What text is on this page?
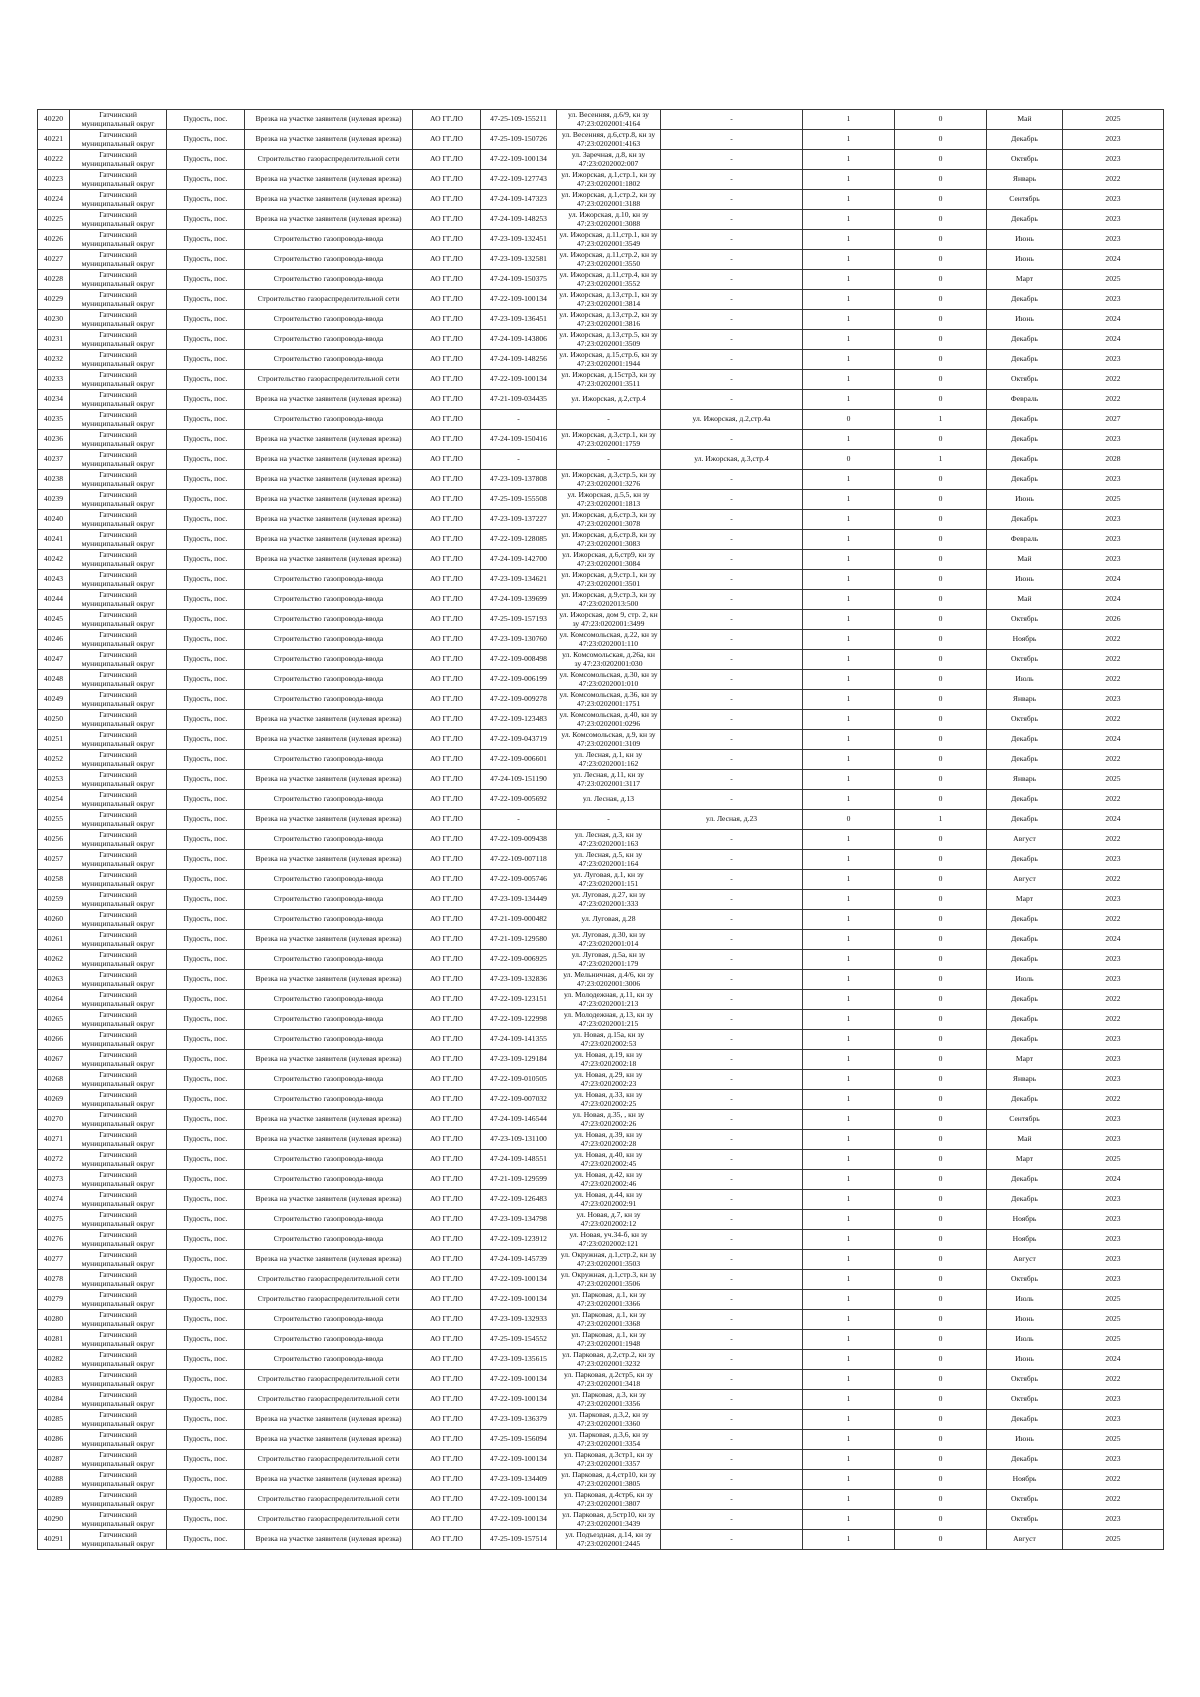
40220	Гатчинский муниципальный округ	Пудость, пос.	Врезка на участке заявителя (нулевая врезка)	АО ГГ.ЛО	47-25-109-155211	ул. Весенняя, д.6/9, кн зу 47:23:0202001:4164	-	1	0	Май	2025
40221	Гатчинский муниципальный округ	Пудость, пос.	Врезка на участке заявителя (нулевая врезка)	АО ГГ.ЛО	47-25-109-150726	ул. Весенняя, д.6,стр.8, кн зу 47:23:0202001:4163	-	1	0	Декабрь	2023
40222	Гатчинский муниципальный округ	Пудость, пос.	Строительство газораспределительной сети	АО ГГ.ЛО	47-22-109-100134	ул. Заречная, д.8, кн зу 47:23:0202002:007	-	1	0	Октябрь	2023
40223	Гатчинский муниципальный округ	Пудость, пос.	Врезка на участке заявителя (нулевая врезка)	АО ГГ.ЛО	47-22-109-127743	ул. Ижорская, д.1,стр.1, кн зу 47:23:0202001:1802	-	1	0	Январь	2022
40224	Гатчинский муниципальный округ	Пудость, пос.	Врезка на участке заявителя (нулевая врезка)	АО ГГ.ЛО	47-24-109-147323	ул. Ижорская, д.1,стр.2, кн зу 47:23:0202001:3188	-	1	0	Сентябрь	2023
40225	Гатчинский муниципальный округ	Пудость, пос.	Врезка на участке заявителя (нулевая врезка)	АО ГГ.ЛО	47-24-109-148253	ул. Ижорская, д.10, кн зу 47:23:0202001:3088	-	1	0	Декабрь	2023
40226	Гатчинский муниципальный округ	Пудость, пос.	Строительство газопровода-ввода	АО ГГ.ЛО	47-23-109-132451	ул. Ижорская, д.11,стр.1, кн зу 47:23:0202001:3549	-	1	0	Июнь	2023
40227	Гатчинский муниципальный округ	Пудость, пос.	Строительство газопровода-ввода	АО ГГ.ЛО	47-23-109-132581	ул. Ижорская, д.11,стр.2, кн зу 47:23:0202001:3550	-	1	0	Июнь	2024
40228	Гатчинский муниципальный округ	Пудость, пос.	Строительство газопровода-ввода	АО ГГ.ЛО	47-24-109-150375	ул. Ижорская, д.11,стр.4, кн зу 47:23:0202001:3552	-	1	0	Март	2025
40229	Гатчинский муниципальный округ	Пудость, пос.	Строительство газораспределительной сети	АО ГГ.ЛО	47-22-109-100134	ул. Ижорская, д.13,стр.1, кн зу 47:23:0202001:3814	-	1	0	Декабрь	2023
40230	Гатчинский муниципальный округ	Пудость, пос.	Строительство газопровода-ввода	АО ГГ.ЛО	47-23-109-136451	ул. Ижорская, д.13,стр.2, кн зу 47:23:0202001:3816	-	1	0	Июнь	2024
40231	Гатчинский муниципальный округ	Пудость, пос.	Строительство газопровода-ввода	АО ГГ.ЛО	47-24-109-143806	ул. Ижорская, д.13,стр.5, кн зу 47:23:0202001:3509	-	1	0	Декабрь	2024
40232	Гатчинский муниципальный округ	Пудость, пос.	Строительство газопровода-ввода	АО ГГ.ЛО	47-24-109-148256	ул. Ижорская, д.15,стр.6, кн зу 47:23:0202001:1944	-	1	0	Декабрь	2023
40233	Гатчинский муниципальный округ	Пудость, пос.	Строительство газораспределительной сети	АО ГГ.ЛО	47-22-109-100134	ул. Ижорская, д.15стр3, кн зу 47:23:0202001:3511	-	1	0	Октябрь	2022
40234	Гатчинский муниципальный округ	Пудость, пос.	Врезка на участке заявителя (нулевая врезка)	АО ГГ.ЛО	47-21-109-034435	ул. Ижорская, д.2,стр.4	-	1	0	Февраль	2022
40235	Гатчинский муниципальный округ	Пудость, пос.	Строительство газопровода-ввода	АО ГГ.ЛО	-	-	ул. Ижорская, д.2,стр.4а	0	1	Декабрь	2027
40236	Гатчинский муниципальный округ	Пудость, пос.	Врезка на участке заявителя (нулевая врезка)	АО ГГ.ЛО	47-24-109-150416	ул. Ижорская, д.3,стр.1, кн зу 47:23:0202001:1759	-	1	0	Декабрь	2023
40237	Гатчинский муниципальный округ	Пудость, пос.	Врезка на участке заявителя (нулевая врезка)	АО ГГ.ЛО	-	-	ул. Ижорская, д.3,стр.4	0	1	Декабрь	2028
40238	Гатчинский муниципальный округ	Пудость, пос.	Врезка на участке заявителя (нулевая врезка)	АО ГГ.ЛО	47-23-109-137808	ул. Ижорская, д.3,стр.5, кн зу 47:23:0202001:3276	-	1	0	Декабрь	2023
40239	Гатчинский муниципальный округ	Пудость, пос.	Врезка на участке заявителя (нулевая врезка)	АО ГГ.ЛО	47-25-109-155508	ул. Ижорская, д.5,5, кн зу 47:23:0202001:1813	-	1	0	Июнь	2025
40240	Гатчинский муниципальный округ	Пудость, пос.	Врезка на участке заявителя (нулевая врезка)	АО ГГ.ЛО	47-23-109-137227	ул. Ижорская, д.6,стр.3, кн зу 47:23:0202001:3078	-	1	0	Декабрь	2023
40241	Гатчинский муниципальный округ	Пудость, пос.	Врезка на участке заявителя (нулевая врезка)	АО ГГ.ЛО	47-22-109-128085	ул. Ижорская, д.6,стр.8, кн зу 47:23:0202001:3083	-	1	0	Февраль	2023
40242	Гатчинский муниципальный округ	Пудость, пос.	Врезка на участке заявителя (нулевая врезка)	АО ГГ.ЛО	47-24-109-142700	ул. Ижорская, д.6,стр9, кн зу 47:23:0202001:3084	-	1	0	Май	2023
40243	Гатчинский муниципальный округ	Пудость, пос.	Строительство газопровода-ввода	АО ГГ.ЛО	47-23-109-134621	ул. Ижорская, д.9,стр.1, кн зу 47:23:0202001:3501	-	1	0	Июнь	2024
40244	Гатчинский муниципальный округ	Пудость, пос.	Строительство газопровода-ввода	АО ГГ.ЛО	47-24-109-139699	ул. Ижорская, д.9,стр.3, кн зу 47:23:0202013:500	-	1	0	Май	2024
40245	Гатчинский муниципальный округ	Пудость, пос.	Строительство газопровода-ввода	АО ГГ.ЛО	47-25-109-157193	ул. Ижорская, дом 9, стр. 2, кн зу 47:23:0202001:3499	-	1	0	Октябрь	2026
40246	Гатчинский муниципальный округ	Пудость, пос.	Строительство газопровода-ввода	АО ГГ.ЛО	47-23-109-130760	ул. Комсомольская, д.22, кн зу 47:23:0202001:110	-	1	0	Ноябрь	2022
40247	Гатчинский муниципальный округ	Пудость, пос.	Строительство газопровода-ввода	АО ГГ.ЛО	47-22-109-008498	ул. Комсомольская, д.26а, кн зу 47:23:0202001:030	-	1	0	Октябрь	2022
40248	Гатчинский муниципальный округ	Пудость, пос.	Строительство газопровода-ввода	АО ГГ.ЛО	47-22-109-006199	ул. Комсомольская, д.30, кн зу 47:23:0202001:010	-	1	0	Июль	2022
40249	Гатчинский муниципальный округ	Пудость, пос.	Строительство газопровода-ввода	АО ГГ.ЛО	47-22-109-009278	ул. Комсомольская, д.36, кн зу 47:23:0202001:1751	-	1	0	Январь	2023
40250	Гатчинский муниципальный округ	Пудость, пос.	Врезка на участке заявителя (нулевая врезка)	АО ГГ.ЛО	47-22-109-123483	ул. Комсомольская, д.40, кн зу 47:23:0202001:0296	-	1	0	Октябрь	2022
40251	Гатчинский муниципальный округ	Пудость, пос.	Врезка на участке заявителя (нулевая врезка)	АО ГГ.ЛО	47-22-109-043719	ул. Комсомольская, д.9, кн зу 47:23:0202001:3109	-	1	0	Декабрь	2024
40252	Гатчинский муниципальный округ	Пудость, пос.	Строительство газопровода-ввода	АО ГГ.ЛО	47-22-109-006601	ул. Лесная, д.1, кн зу 47:23:0202001:162	-	1	0	Декабрь	2022
40253	Гатчинский муниципальный округ	Пудость, пос.	Врезка на участке заявителя (нулевая врезка)	АО ГГ.ЛО	47-24-109-151190	ул. Лесная, д.11, кн зу 47:23:0202001:3117	-	1	0	Январь	2025
40254	Гатчинский муниципальный округ	Пудость, пос.	Строительство газопровода-ввода	АО ГГ.ЛО	47-22-109-005692	ул. Лесная, д.13	-	1	0	Декабрь	2022
40255	Гатчинский муниципальный округ	Пудость, пос.	Врезка на участке заявителя (нулевая врезка)	АО ГГ.ЛО	-	-	ул. Лесная, д.23	0	1	Декабрь	2024
40256	Гатчинский муниципальный округ	Пудость, пос.	Строительство газопровода-ввода	АО ГГ.ЛО	47-22-109-009438	ул. Лесная, д.3, кн зу 47:23:0202001:163	-	1	0	Август	2022
40257	Гатчинский муниципальный округ	Пудость, пос.	Врезка на участке заявителя (нулевая врезка)	АО ГГ.ЛО	47-22-109-007118	ул. Лесная, д.5, кн зу 47:23:0202001:164	-	1	0	Декабрь	2023
40258	Гатчинский муниципальный округ	Пудость, пос.	Строительство газопровода-ввода	АО ГГ.ЛО	47-22-109-005746	ул. Луговая, д.1, кн зу 47:23:0202001:151	-	1	0	Август	2022
40259	Гатчинский муниципальный округ	Пудость, пос.	Строительство газопровода-ввода	АО ГГ.ЛО	47-23-109-134449	ул. Луговая, д.27, кн зу 47:23:0202001:333	-	1	0	Март	2023
40260	Гатчинский муниципальный округ	Пудость, пос.	Строительство газопровода-ввода	АО ГГ.ЛО	47-21-109-000482	ул. Луговая, д.28	-	1	0	Декабрь	2022
40261	Гатчинский муниципальный округ	Пудость, пос.	Врезка на участке заявителя (нулевая врезка)	АО ГГ.ЛО	47-21-109-129580	ул. Луговая, д.30, кн зу 47:23:0202001:014	-	1	0	Декабрь	2024
40262	Гатчинский муниципальный округ	Пудость, пос.	Строительство газопровода-ввода	АО ГГ.ЛО	47-22-109-006925	ул. Луговая, д.5а, кн зу 47:23:0202001:179	-	1	0	Декабрь	2023
40263	Гатчинский муниципальный округ	Пудость, пос.	Врезка на участке заявителя (нулевая врезка)	АО ГГ.ЛО	47-23-109-132836	ул. Мельничная, д.4/6, кн зу 47:23:0202001:3006	-	1	0	Июль	2023
40264	Гатчинский муниципальный округ	Пудость, пос.	Строительство газопровода-ввода	АО ГГ.ЛО	47-22-109-123151	ул. Молодежная, д.11, кн зу 47:23:0202001:213	-	1	0	Декабрь	2022
40265	Гатчинский муниципальный округ	Пудость, пос.	Строительство газопровода-ввода	АО ГГ.ЛО	47-22-109-122998	ул. Молодежная, д.13, кн зу 47:23:0202001:215	-	1	0	Декабрь	2022
40266	Гатчинский муниципальный округ	Пудость, пос.	Строительство газопровода-ввода	АО ГГ.ЛО	47-24-109-141355	ул. Новая, д.15а, кн зу 47:23:0202002:53	-	1	0	Декабрь	2023
40267	Гатчинский муниципальный округ	Пудость, пос.	Врезка на участке заявителя (нулевая врезка)	АО ГГ.ЛО	47-23-109-129184	ул. Новая, д.19, кн зу 47:23:0202002:18	-	1	0	Март	2023
40268	Гатчинский муниципальный округ	Пудость, пос.	Строительство газопровода-ввода	АО ГГ.ЛО	47-22-109-010505	ул. Новая, д.29, кн зу 47:23:0202002:23	-	1	0	Январь	2023
40269	Гатчинский муниципальный округ	Пудость, пос.	Строительство газопровода-ввода	АО ГГ.ЛО	47-22-109-007032	ул. Новая, д.33, кн зу 47:23:0202002:25	-	1	0	Декабрь	2022
40270	Гатчинский муниципальный округ	Пудость, пос.	Врезка на участке заявителя (нулевая врезка)	АО ГГ.ЛО	47-24-109-146544	ул. Новая, д.35, , кн зу 47:23:0202002:26	-	1	0	Сентябрь	2023
40271	Гатчинский муниципальный округ	Пудость, пос.	Врезка на участке заявителя (нулевая врезка)	АО ГГ.ЛО	47-23-109-131100	ул. Новая, д.39, кн зу 47:23:0202002:28	-	1	0	Май	2023
40272	Гатчинский муниципальный округ	Пудость, пос.	Строительство газопровода-ввода	АО ГГ.ЛО	47-24-109-148551	ул. Новая, д.40, кн зу 47:23:0202002:45	-	1	0	Март	2025
40273	Гатчинский муниципальный округ	Пудость, пос.	Строительство газопровода-ввода	АО ГГ.ЛО	47-21-109-129599	ул. Новая, д.42, кн зу 47:23:0202002:46	-	1	0	Декабрь	2024
40274	Гатчинский муниципальный округ	Пудость, пос.	Врезка на участке заявителя (нулевая врезка)	АО ГГ.ЛО	47-22-109-126483	ул. Новая, д.44, кн зу 47:23:0202002:91	-	1	0	Декабрь	2023
40275	Гатчинский муниципальный округ	Пудость, пос.	Строительство газопровода-ввода	АО ГГ.ЛО	47-23-109-134798	ул. Новая, д.7, кн зу 47:23:0202002:12	-	1	0	Ноябрь	2023
40276	Гатчинский муниципальный округ	Пудость, пос.	Строительство газопровода-ввода	АО ГГ.ЛО	47-22-109-123912	ул. Новая, уч.34-б, кн зу 47:23:0202002:121	-	1	0	Ноябрь	2023
40277	Гатчинский муниципальный округ	Пудость, пос.	Врезка на участке заявителя (нулевая врезка)	АО ГГ.ЛО	47-24-109-145739	ул. Окружная, д.1,стр.2, кн зу 47:23:0202001:3503	-	1	0	Август	2023
40278	Гатчинский муниципальный округ	Пудость, пос.	Строительство газораспределительной сети	АО ГГ.ЛО	47-22-109-100134	ул. Окружная, д.1,стр.3, кн зу 47:23:0202001:3506	-	1	0	Октябрь	2023
40279	Гатчинский муниципальный округ	Пудость, пос.	Строительство газораспределительной сети	АО ГГ.ЛО	47-22-109-100134	ул. Парковая, д.1, кн зу 47:23:0202001:3366	-	1	0	Июль	2025
40280	Гатчинский муниципальный округ	Пудость, пос.	Строительство газопровода-ввода	АО ГГ.ЛО	47-23-109-132933	ул. Парковая, д.1, кн зу 47:23:0202001:3368	-	1	0	Июнь	2025
40281	Гатчинский муниципальный округ	Пудость, пос.	Строительство газопровода-ввода	АО ГГ.ЛО	47-25-109-154552	ул. Парковая, д.1, кн зу 47:23:0202001:1948	-	1	0	Июль	2025
40282	Гатчинский муниципальный округ	Пудость, пос.	Строительство газопровода-ввода	АО ГГ.ЛО	47-23-109-135615	ул. Парковая, д.2,стр.2, кн зу 47:23:0202001:3232	-	1	0	Июнь	2024
40283	Гатчинский муниципальный округ	Пудость, пос.	Строительство газораспределительной сети	АО ГГ.ЛО	47-22-109-100134	ул. Парковая, д.2стр5, кн зу 47:23:0202001:3418	-	1	0	Октябрь	2022
40284	Гатчинский муниципальный округ	Пудость, пос.	Строительство газораспределительной сети	АО ГГ.ЛО	47-22-109-100134	ул. Парковая, д.3, кн зу 47:23:0202001:3356	-	1	0	Октябрь	2023
40285	Гатчинский муниципальный округ	Пудость, пос.	Врезка на участке заявителя (нулевая врезка)	АО ГГ.ЛО	47-23-109-136379	ул. Парковая, д.3,2, кн зу 47:23:0202001:3360	-	1	0	Декабрь	2023
40286	Гатчинский муниципальный округ	Пудость, пос.	Врезка на участке заявителя (нулевая врезка)	АО ГГ.ЛО	47-25-109-156094	ул. Парковая, д.3,6, кн зу 47:23:0202001:3354	-	1	0	Июнь	2025
40287	Гатчинский муниципальный округ	Пудость, пос.	Строительство газораспределительной сети	АО ГГ.ЛО	47-22-109-100134	ул. Парковая, д.3стр1, кн зу 47:23:0202001:3357	-	1	0	Декабрь	2023
40288	Гатчинский муниципальный округ	Пудость, пос.	Врезка на участке заявителя (нулевая врезка)	АО ГГ.ЛО	47-23-109-134409	ул. Парковая, д.4,стр10, кн зу 47:23:0202001:3805	-	1	0	Ноябрь	2022
40289	Гатчинский муниципальный округ	Пудость, пос.	Строительство газораспределительной сети	АО ГГ.ЛО	47-22-109-100134	ул. Парковая, д.4стр6, кн зу 47:23:0202001:3807	-	1	0	Октябрь	2022
40290	Гатчинский муниципальный округ	Пудость, пос.	Строительство газораспределительной сети	АО ГГ.ЛО	47-22-109-100134	ул. Парковая, д.5стр10, кн зу 47:23:0202001:3439	-	1	0	Октябрь	2023
40291	Гатчинский муниципальный округ	Пудость, пос.	Врезка на участке заявителя (нулевая врезка)	АО ГГ.ЛО	47-25-109-157514	ул. Подъездная, д.14, кн зу 47:23:0202001:2445	-	1	0	Август	2025
